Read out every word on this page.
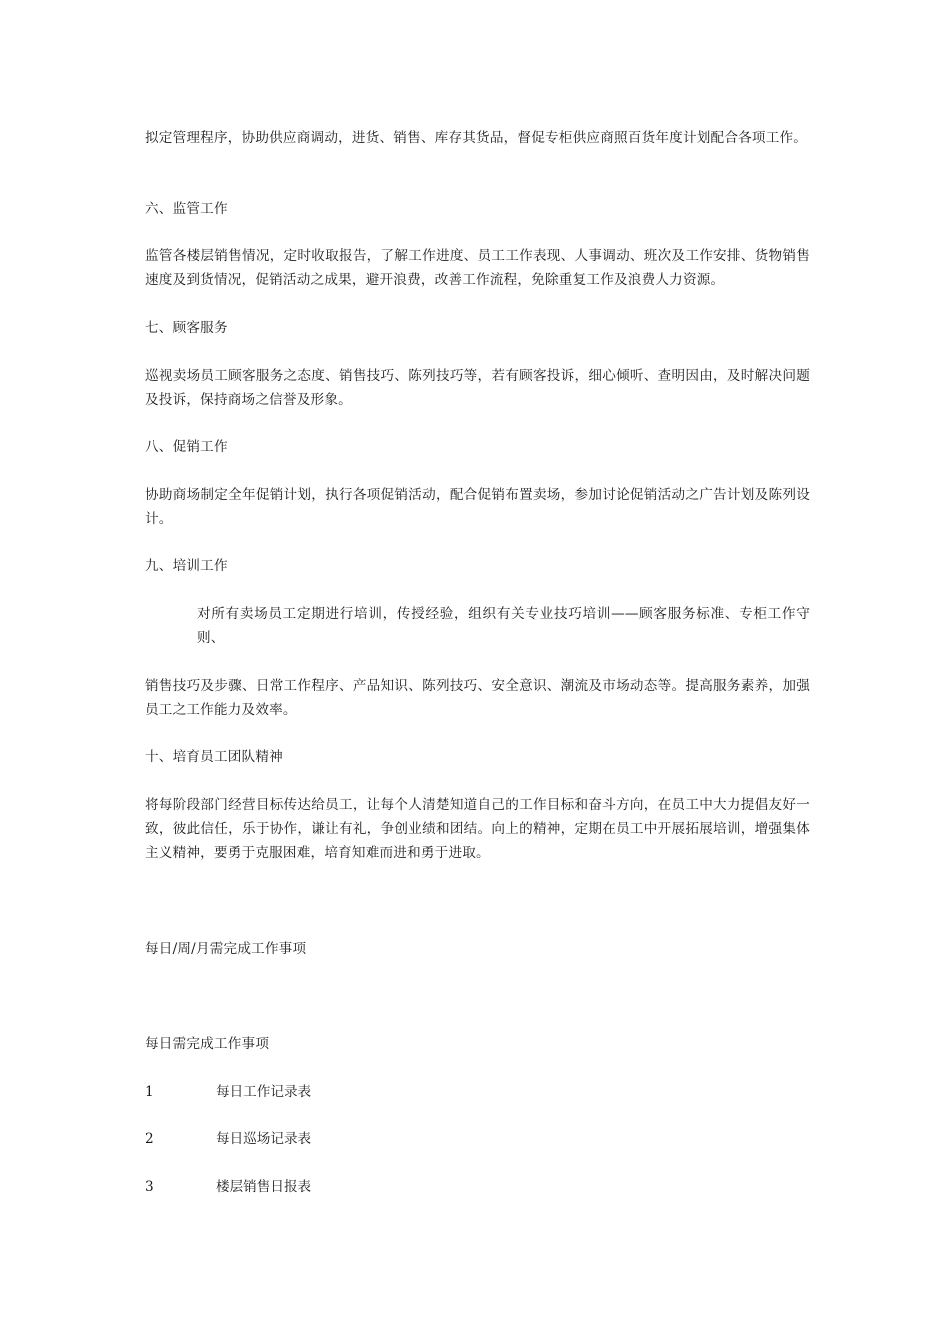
拟定管理程序，协助供应商调动，进货、销售、库存其货品，督促专柜供应商照百货年度计划配合各项工作。

六、监管工作

监管各楼层销售情况，定时收取报告，了解工作进度、员工工作表现、人事调动、班次及工作安排、货物销售速度及到货情况，促销活动之成果，避开浪费，改善工作流程，免除重复工作及浪费人力资源。

七、顾客服务

巡视卖场员工顾客服务之态度、销售技巧、陈列技巧等，若有顾客投诉，细心倾听、查明因由，及时解决问题及投诉，保持商场之信誉及形象。

八、促销工作

协助商场制定全年促销计划，执行各项促销活动，配合促销布置卖场，参加讨论促销活动之广告计划及陈列设计。

九、培训工作

对所有卖场员工定期进行培训，传授经验，组织有关专业技巧培训——顾客服务标准、专柜工作守则、

销售技巧及步骤、日常工作程序、产品知识、陈列技巧、安全意识、潮流及市场动态等。提高服务素养，加强员工之工作能力及效率。

十、培育员工团队精神

将每阶段部门经营目标传达给员工，让每个人清楚知道自己的工作目标和奋斗方向，在员工中大力提倡友好一致，彼此信任，乐于协作，谦让有礼，争创业绩和团结。向上的精神，定期在员工中开展拓展培训，增强集体主义精神，要勇于克服困难，培育知难而进和勇于进取。

每日/周/月需完成工作事项

每日需完成工作事项

1	每日工作记录表
2	每日巡场记录表
3	楼层销售日报表
